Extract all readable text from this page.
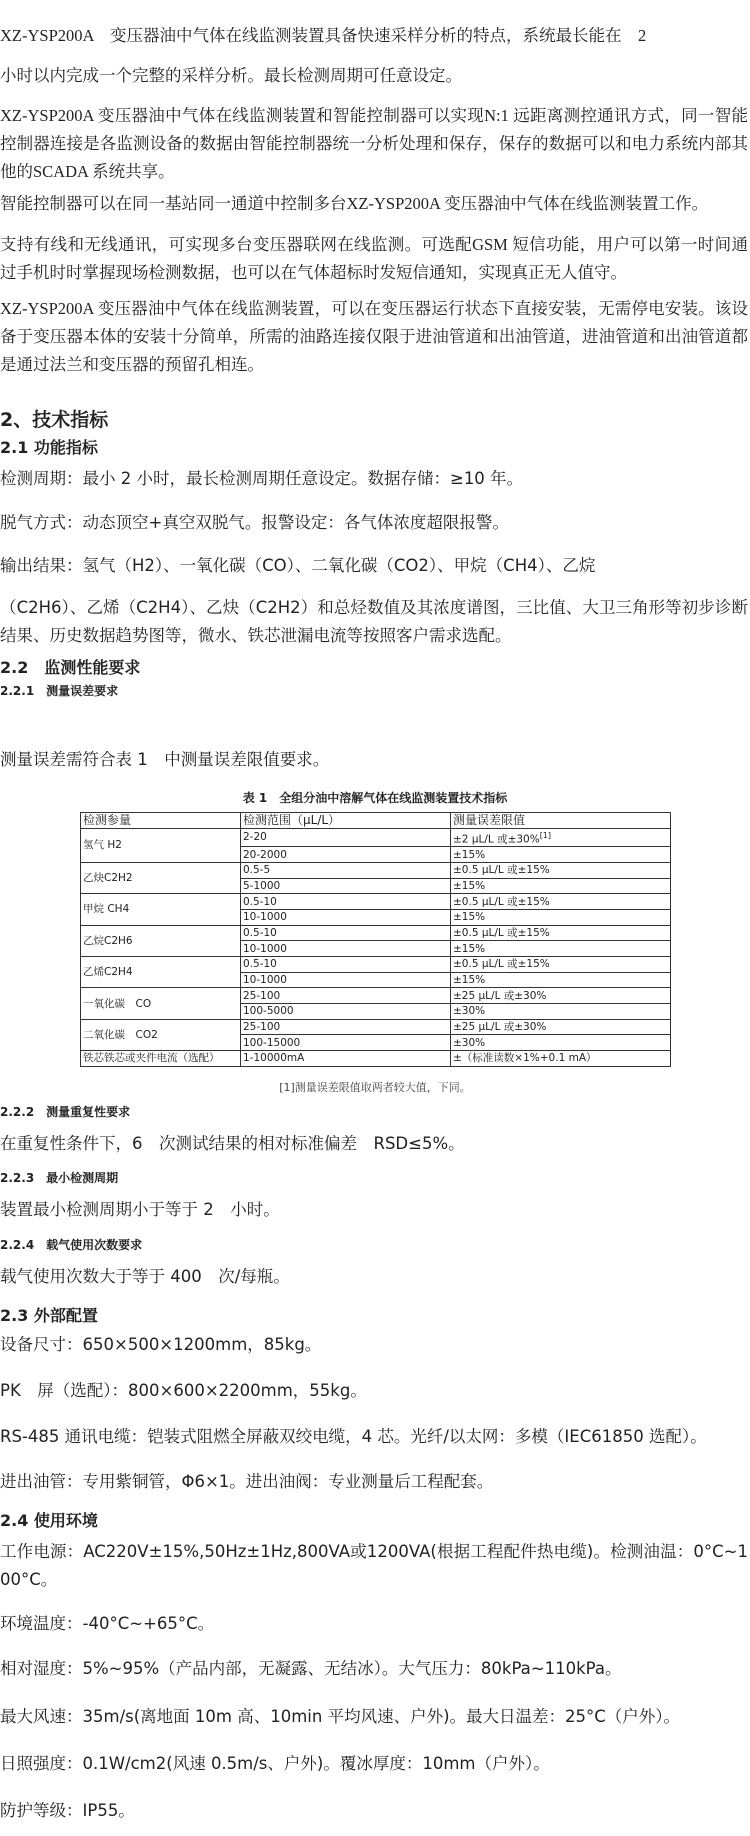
XZ-YSP200A　变压器油中气体在线监测装置具备快速采样分析的特点，系统最长能在　2

小时以内完成一个完整的采样分析。最长检测周期可任意设定。

XZ-YSP200A 变压器油中气体在线监测装置和智能控制器可以实现N:1 远距离测控通讯方式，同一智能控制器连接是各监测设备的数据由智能控制器统一分析处理和保存，保存的数据可以和电力系统内部其他的SCADA 系统共享。

智能控制器可以在同一基站同一通道中控制多台XZ-YSP200A 变压器油中气体在线监测装置工作。

支持有线和无线通讯，可实现多台变压器联网在线监测。可选配GSM 短信功能，用户可以第一时间通过手机时时掌握现场检测数据，也可以在气体超标时发短信通知，实现真正无人值守。

XZ-YSP200A 变压器油中气体在线监测装置，可以在变压器运行状态下直接安装，无需停电安装。该设备于变压器本体的安装十分简单，所需的油路连接仅限于进油管道和出油管道，进油管道和出油管道都是通过法兰和变压器的预留孔相连。

2、技术指标
2.1 功能指标

检测周期：最小 2 小时，最长检测周期任意设定。数据存储：≥10 年。

脱气方式：动态顶空+真空双脱气。报警设定：各气体浓度超限报警。

输出结果：氢气（H2）、一氧化碳（CO）、二氧化碳（CO2）、甲烷（CH4）、乙烷

（C2H6）、乙烯（C2H4）、乙炔（C2H2）和总烃数值及其浓度谱图，三比值、大卫三角形等初步诊断结果、历史数据趋势图等，微水、铁芯泄漏电流等按照客户需求选配。

2.2　监测性能要求
2.2.1　测量误差要求

测量误差需符合表 1　中测量误差限值要求。

表 1　全组分油中溶解气体在线监测装置技术指标
检测参量	检测范围（μL/L）	测量误差限值
氢气 H2	2-20	±2 μL/L 或±30%[1]
	20-2000	±15%
乙炔C2H2	0.5-5	±0.5 μL/L 或±15%
	5-1000	±15%
甲烷 CH4	0.5-10	±0.5 μL/L 或±15%
	10-1000	±15%
乙烷C2H6	0.5-10	±0.5 μL/L 或±15%
	10-1000	±15%
乙烯C2H4	0.5-10	±0.5 μL/L 或±15%
	10-1000	±15%
一氧化碳　CO	25-100	±25 μL/L 或±30%
	100-5000	±30%
二氧化碳　CO2	25-100	±25 μL/L 或±30%
	100-15000	±30%
铁芯铁芯或夹件电流（选配）	1-10000mA	±（标准读数×1%+0.1 mA）
[1]测量误差限值取两者较大值，下同。
2.2.2　测量重复性要求

在重复性条件下，6　次测试结果的相对标准偏差　RSD≤5%。

2.2.3　最小检测周期

装置最小检测周期小于等于 2　小时。

2.2.4　载气使用次数要求

载气使用次数大于等于 400　次/每瓶。

2.3 外部配置

设备尺寸：650×500×1200mm，85kg。

PK　屏（选配）：800×600×2200mm，55kg。

RS-485 通讯电缆：铠装式阻燃全屏蔽双绞电缆，4 芯。光纤/以太网：多模（IEC61850 选配）。

进出油管：专用紫铜管，Φ6×1。进出油阀：专业测量后工程配套。

2.4 使用环境

工作电源：AC220V±15%,50Hz±1Hz,800VA或1200VA(根据工程配件热电缆)。检测油温：0°C~100°C。

环境温度：-40°C~+65°C。

相对湿度：5%~95%（产品内部，无凝露、无结冰）。大气压力：80kPa~110kPa。

最大风速：35m/s(离地面 10m 高、10min 平均风速、户外)。最大日温差：25°C（户外）。

日照强度：0.1W/cm2(风速 0.5m/s、户外)。覆冰厚度：10mm（户外）。

防护等级：IP55。
